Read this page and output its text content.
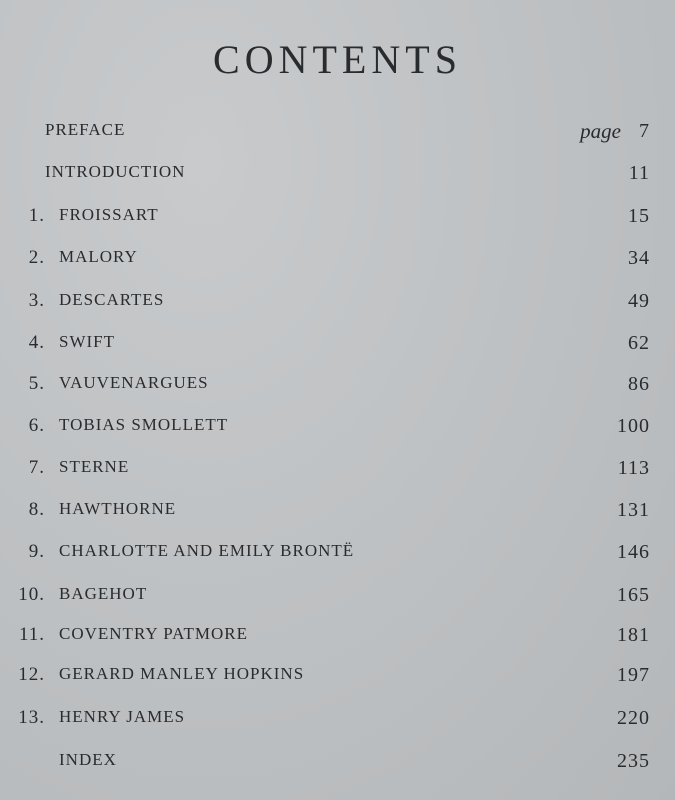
CONTENTS
PREFACE	page 7
INTRODUCTION	11
1. FROISSART	15
2. MALORY	34
3. DESCARTES	49
4. SWIFT	62
5. VAUVENARGUES	86
6. TOBIAS SMOLLETT	100
7. STERNE	113
8. HAWTHORNE	131
9. CHARLOTTE AND EMILY BRONTË	146
10. BAGEHOT	165
11. COVENTRY PATMORE	181
12. GERARD MANLEY HOPKINS	197
13. HENRY JAMES	220
INDEX	235
